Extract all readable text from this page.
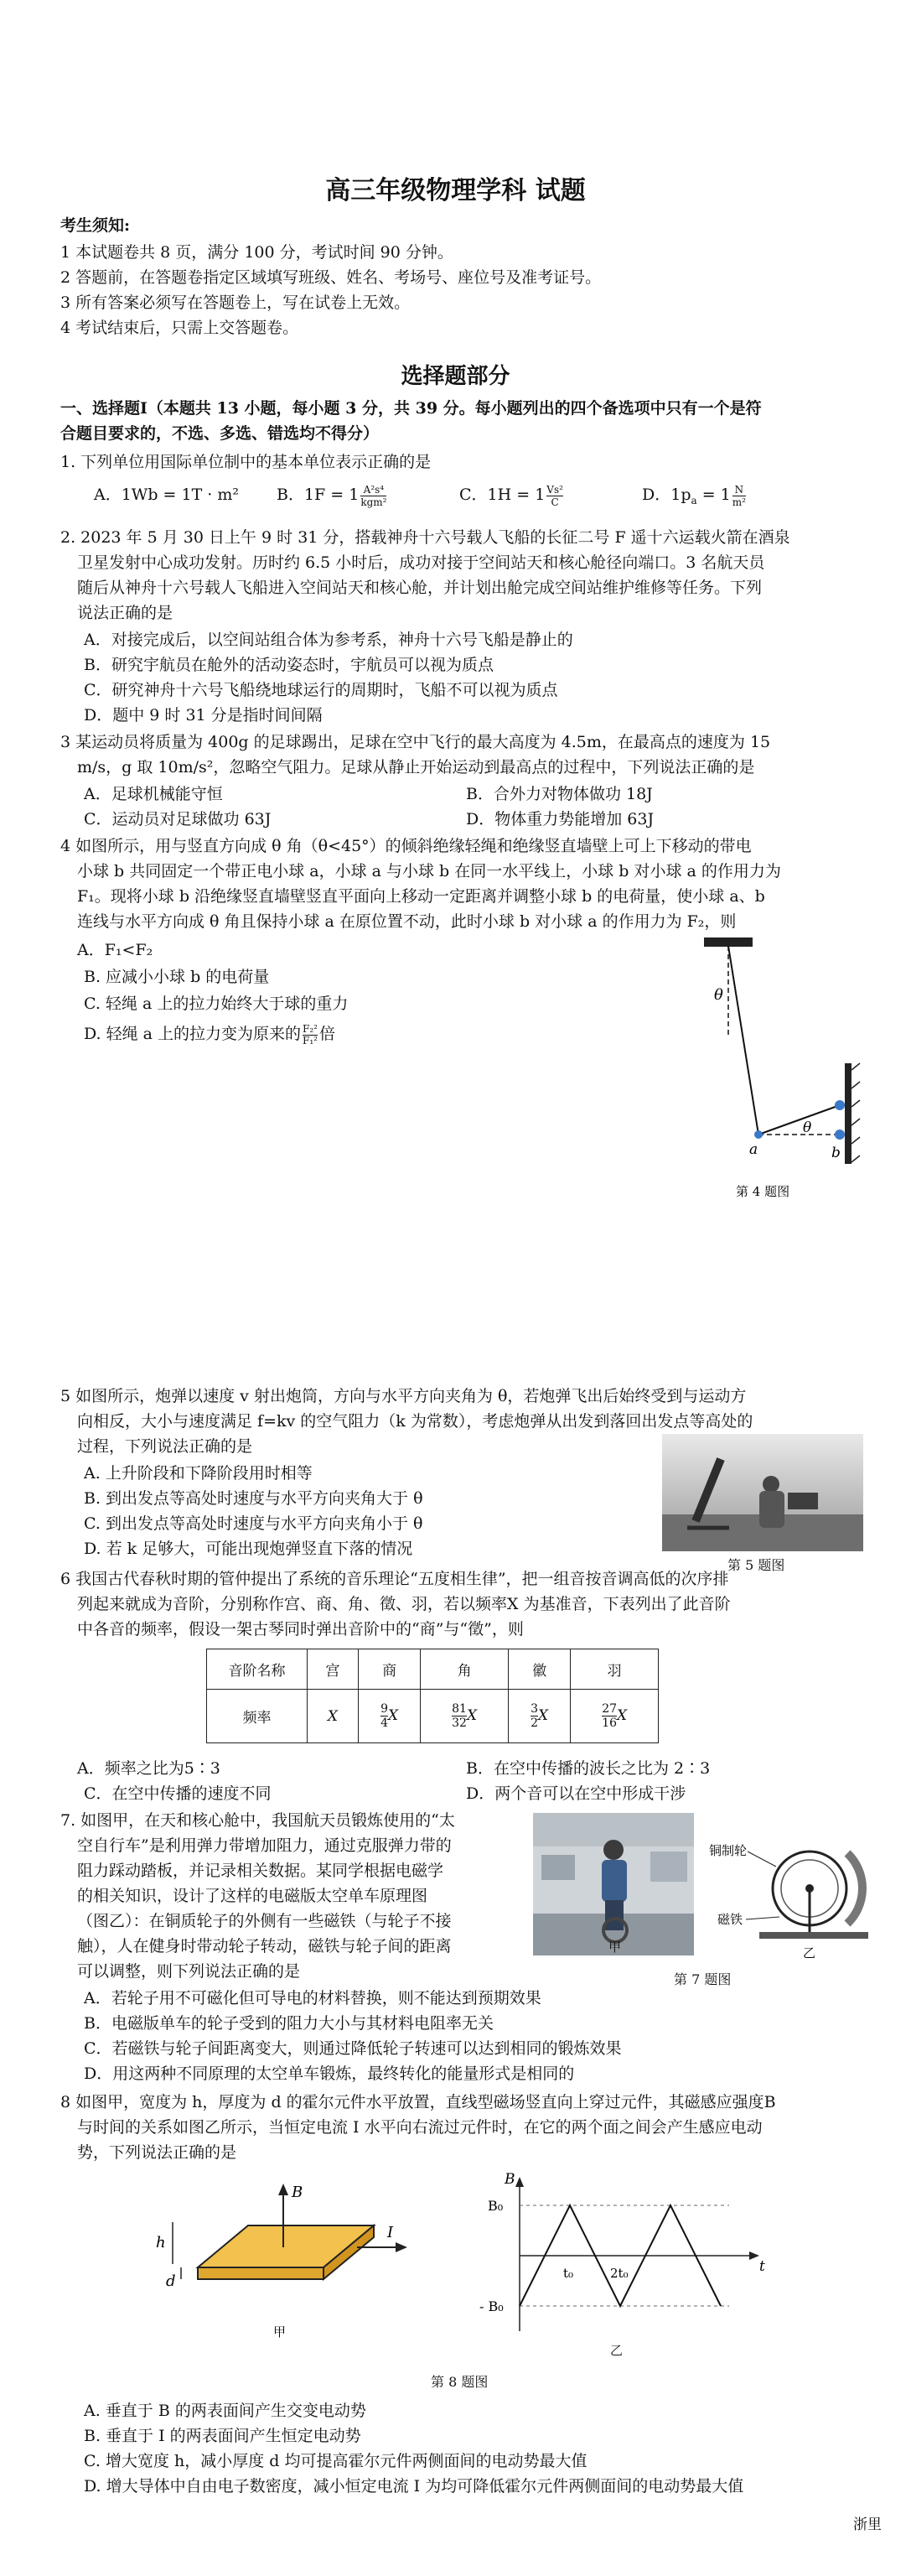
高三年级物理学科 试题

考生须知:

1 本试题卷共 8 页，满分 100 分，考试时间 90 分钟。

2 答题前，在答题卷指定区域填写班级、姓名、考场号、座位号及准考证号。

3 所有答案必须写在答题卷上，写在试卷上无效。

4 考试结束后，只需上交答题卷。

选择题部分

一、选择题Ⅰ（本题共 13 小题，每小题 3 分，共 39 分。每小题列出的四个备选项中只有一个是符

合题目要求的，不选、多选、错选均不得分）

1. 下列单位用国际单位制中的基本单位表示正确的是

A．1Wb = 1T · m² B．1F = 1 A²s⁴
kgm²	C．$1H = 1 \frac{\text{Vs²}}{C}$	D．$1p_a = 1 \frac{N}{\text{m²}}$

2. 2023 年 5 月 30 日上午 9 时 31 分，搭载神舟十六号载人飞船的长征二号 F 遥十六运载火箭在酒泉

卫星发射中心成功发射。历时约 6.5 小时后，成功对接于空间站天和核心舱径向端口。3 名航天员

随后从神舟十六号载人飞船进入空间站天和核心舱，并计划出舱完成空间站维护维修等任务。下列

说法正确的是

A．对接完成后，以空间站组合体为参考系，神舟十六号飞船是静止的

B．研究宇航员在舱外的活动姿态时，宇航员可以视为质点

C．研究神舟十六号飞船绕地球运行的周期时，飞船不可以视为质点

D．题中 9 时 31 分是指时间间隔

3 某运动员将质量为 400g 的足球踢出，足球在空中飞行的最大高度为 4.5m，在最高点的速度为 15

m/s，g 取 10m/s²，忽略空气阻力。足球从静止开始运动到最高点的过程中，下列说法正确的是

A．足球机械能守恒	B．合外力对物体做功 18J

C．运动员对足球做功 63J	D．物体重力势能增加 63J

4 如图所示，用与竖直方向成 θ 角（θ<45°）的倾斜绝缘轻绳和绝缘竖直墙壁上可上下移动的带电

小球 b 共同固定一个带正电小球 a，小球 a 与小球 b 在同一水平线上，小球 b 对小球 a 的作用力为

F₁。现将小球 b 沿绝缘竖直墙壁竖直平面向上移动一定距离并调整小球 b 的电荷量，使小球 a、b

连线与水平方向成 θ 角且保持小球 a 在原位置不动，此时小球 b 对小球 a 的作用力为 F₂，则

A．F₁<F₂

B. 应减小小球 b 的电荷量

C. 轻绳 a 上的拉力始终大于球的重力

D. 轻绳 a 上的拉力变为原来的 $\frac{\text{F₂²}}{\text{F₁²}}$ 倍
θ
θ
a	b
第 4 题图

5 如图所示，炮弹以速度 v 射出炮筒，方向与水平方向夹角为 θ，若炮弹飞出后始终受到与运动方

向相反，大小与速度满足 f=kv 的空气阻力（k 为常数），考虑炮弹从出发到落回出发点等高处的

过程，下列说法正确的是

A. 上升阶段和下降阶段用时相等

B. 到出发点等高处时速度与水平方向夹角大于 θ

C. 到出发点等高处时速度与水平方向夹角小于 θ

D. 若 k 足够大，可能出现炮弹竖直下落的情况

第 5 题图

6 我国古代春秋时期的管仲提出了系统的音乐理论“五度相生律”，把一组音按音调高低的次序排

列起来就成为音阶，分别称作宫、商、角、徵、羽，若以频率X 为基准音，下表列出了此音阶

中各音的频率，假设一架古琴同时弹出音阶中的“商”与“徵”，则

音阶名称	宫	商	角	徽	羽
频率	X	$\frac{9}{4}$ X	$\frac{81}{32}$ X	$\frac{3}{2}$ X	$\frac{27}{16}$ X

A．频率之比为5∶3	B．在空中传播的波长之比为 2∶3

C．在空中传播的速度不同	D．两个音可以在空中形成干涉

7. 如图甲，在天和核心舱中，我国航天员锻炼使用的“太

空自行车”是利用弹力带增加阻力，通过克服弹力带的

阻力踩动踏板，并记录相关数据。某同学根据电磁学

的相关知识，设计了这样的电磁版太空单车原理图

（图乙）：在铜质轮子的外侧有一些磁铁（与轮子不接

触），人在健身时带动轮子转动，磁铁与轮子间的距离

可以调整，则下列说法正确的是

A．若轮子用不可磁化但可导电的材料替换，则不能达到预期效果

B．电磁版单车的轮子受到的阻力大小与其材料电阻率无关

C．若磁铁与轮子间距离变大，则通过降低轮子转速可以达到相同的锻炼效果

D．用这两种不同原理的太空单车锻炼，最终转化的能量形式是相同的

甲
铜制轮
磁铁
乙
第 7 题图

8 如图甲，宽度为 h，厚度为 d 的霍尔元件水平放置，直线型磁场竖直向上穿过元件，其磁感应强度B

与时间的关系如图乙所示，当恒定电流 I 水平向右流过元件时，在它的两个面之间会产生感应电动

势，下列说法正确的是

B
I
h
d
甲
B
t
B₀
- B₀
t₀	2t₀
乙
第 8 题图

A. 垂直于 B 的两表面间产生交变电动势

B. 垂直于 I 的两表面间产生恒定电动势

C. 增大宽度 h，减小厚度 d 均可提高霍尔元件两侧面间的电动势最大值

D. 增大导体中自由电子数密度，减小恒定电流 I 为均可降低霍尔元件两侧面间的电动势最大值

浙里
